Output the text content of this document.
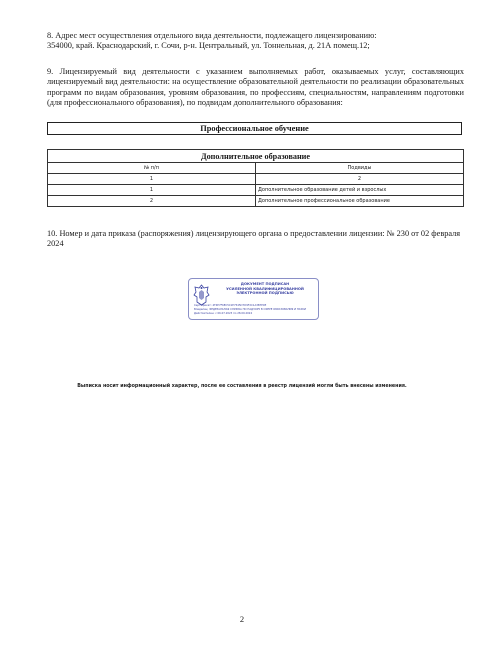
8. Адрес мест осуществления отдельного вида деятельности, подлежащего лицензированию:

354000, край. Краснодарский, г. Сочи, р-н. Центральный, ул. Тоннельная, д. 21А помещ.12;

9. Лицензируемый вид деятельности с указанием выполняемых работ, оказываемых услуг, составляющих лицензируемый вид деятельности: на осуществление образовательной деятельности по реализации образовательных программ по видам образования, уровням образования, по профессиям, специальностям, направлениям подготовки (для профессионального образования), по подвидам дополнительного образования:

Профессиональное обучение
Дополнительное образование	
№ п/п	Подвиды
1	2
1	Дополнительное образование детей и взрослых
2	Дополнительное профессиональное образование

10. Номер и дата приказа (распоряжения) лицензирующего органа о предоставлении лицензии: № 230 от 02 февраля 2024

ДОКУМЕНТ ПОДПИСАН
УСИЛЕННОЙ КВАЛИФИЦИРОВАННОЙ
ЭЛЕКТРОННОЙ ПОДПИСЬЮ
Сертификат: 4F4E7F6EC5C1E7545D7D9F2C1A3B7E0E
Владелец: ФЕДЕРАЛЬНАЯ СЛУЖБА ПО НАДЗОРУ В СФЕРЕ ОБРАЗОВАНИЯ И НАУКИ
Действителен: с 06.07.2023 по 28.09.2024
Выписка носит информационный характер, после ее составления в реестр лицензий могли быть внесены изменения.
2
